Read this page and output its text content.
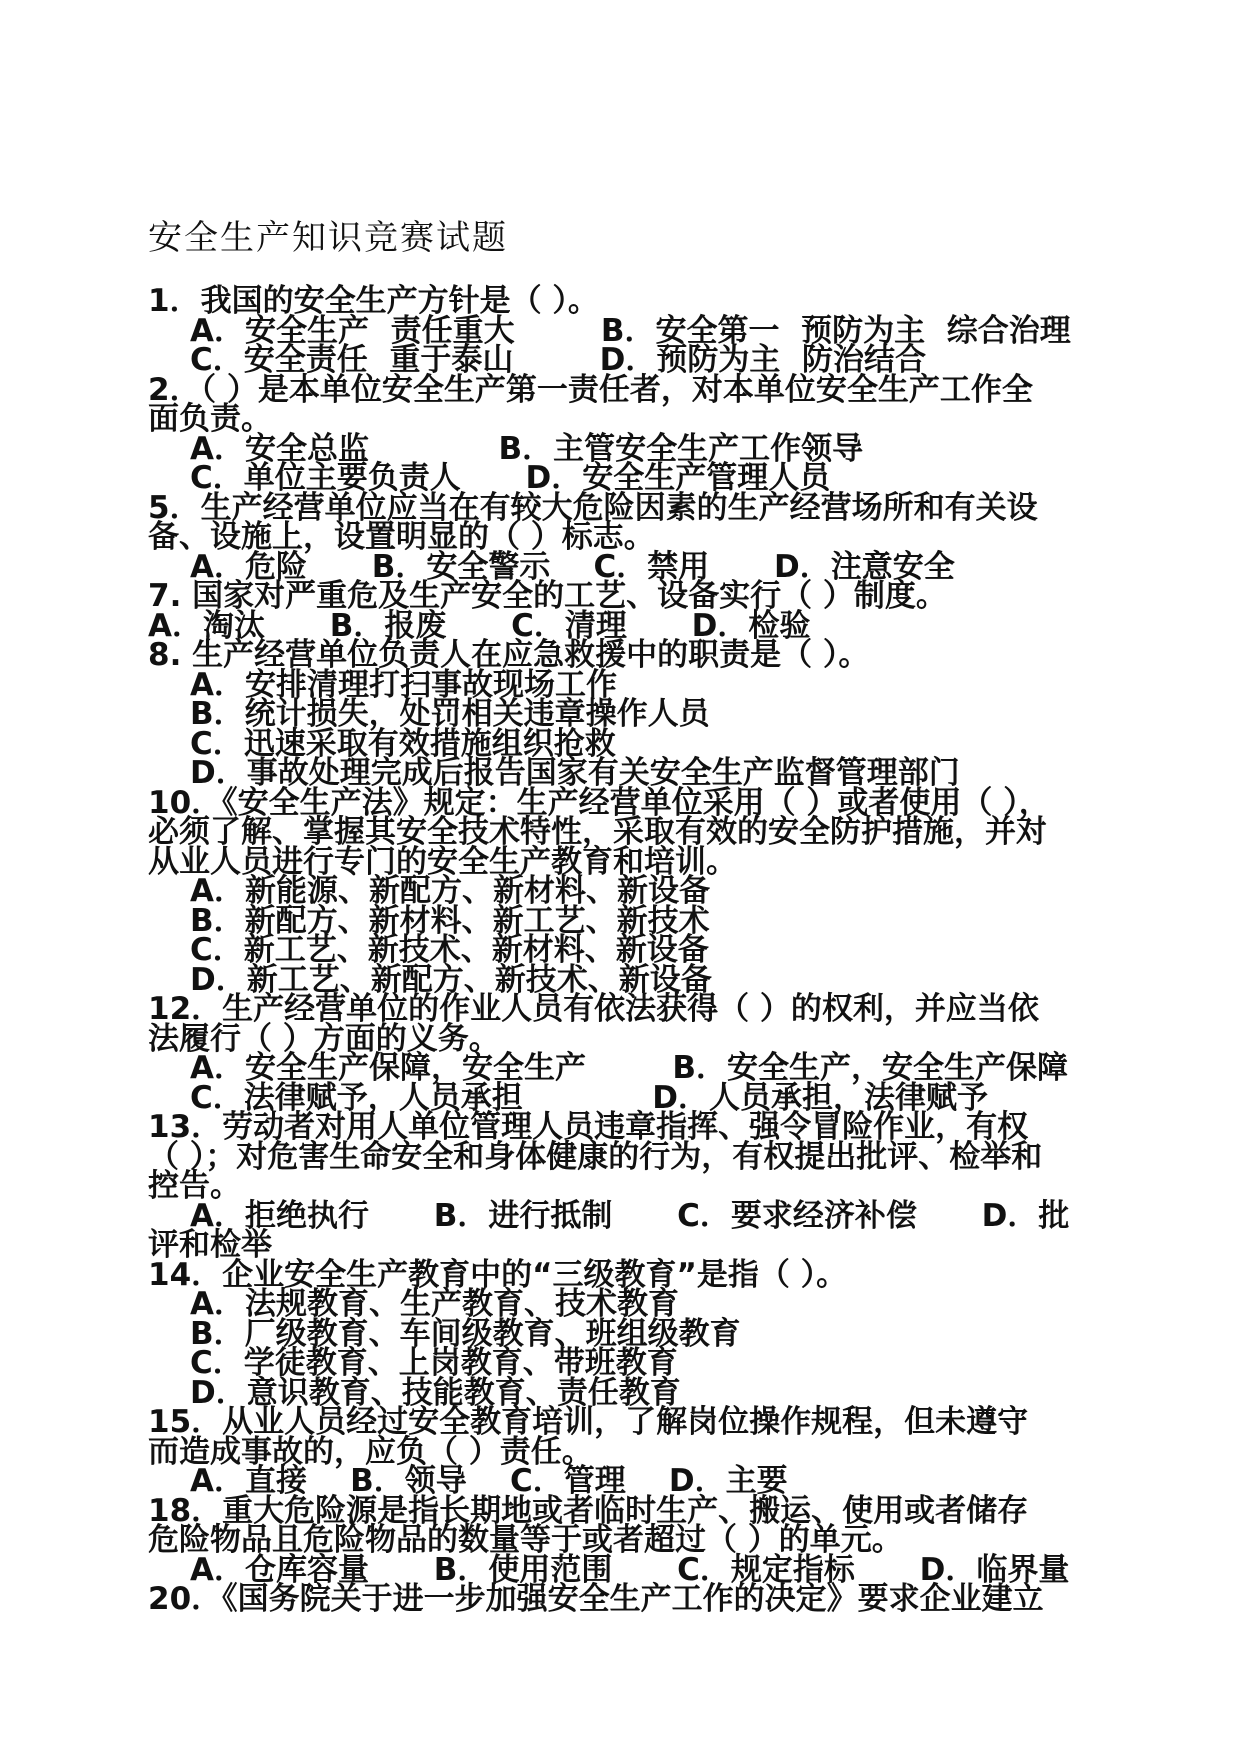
安全生产知识竞赛试题
1．我国的安全生产方针是（ ）。
A．安全生产  责任重大        B．安全第一  预防为主  综合治理
C．安全责任  重于泰山        D．预防为主  防治结合
2．（ ）是本单位安全生产第一责任者，对本单位安全生产工作全
面负责。
A．安全总监            B．主管安全生产工作领导
C．单位主要负责人      D．安全生产管理人员
5．生产经营单位应当在有较大危险因素的生产经营场所和有关设
备、设施上，设置明显的（ ）标志。
A．危险      B．安全警示    C．禁用      D．注意安全
7. 国家对严重危及生产安全的工艺、设备实行（ ）制度。
A．淘汰      B．报废      C．清理      D．检验
8. 生产经营单位负责人在应急救援中的职责是（ ）。
A．安排清理打扫事故现场工作
B．统计损失，处罚相关违章操作人员
C．迅速采取有效措施组织抢救
D．事故处理完成后报告国家有关安全生产监督管理部门
10．《安全生产法》规定：生产经营单位采用（ ）或者使用（ ），
必须了解、掌握其安全技术特性，采取有效的安全防护措施，并对
从业人员进行专门的安全生产教育和培训。
A．新能源、新配方、新材料、新设备
B．新配方、新材料、新工艺、新技术
C．新工艺、新技术、新材料、新设备
D．新工艺、新配方、新技术、新设备
12．生产经营单位的作业人员有依法获得（ ）的权利，并应当依
法履行（ ）方面的义务。
A．安全生产保障，安全生产        B．安全生产，安全生产保障
C．法律赋予，人员承担            D．人员承担，法律赋予
13．劳动者对用人单位管理人员违章指挥、强令冒险作业，有权
（ ）；对危害生命安全和身体健康的行为，有权提出批评、检举和
控告。
A．拒绝执行      B．进行抵制      C．要求经济补偿      D．批
评和检举
14．企业安全生产教育中的“三级教育”是指（ ）。
A．法规教育、生产教育、技术教育
B．厂级教育、车间级教育、班组级教育
C．学徒教育、上岗教育、带班教育
D．意识教育、技能教育、责任教育
15．从业人员经过安全教育培训，了解岗位操作规程，但未遵守
而造成事故的，应负（ ）责任。
A．直接    B．领导    C．管理    D．主要
18．重大危险源是指长期地或者临时生产、搬运、使用或者储存
危险物品且危险物品的数量等于或者超过（ ）的单元。
A．仓库容量      B．使用范围      C．规定指标      D．临界量
20．《国务院关于进一步加强安全生产工作的决定》要求企业建立
